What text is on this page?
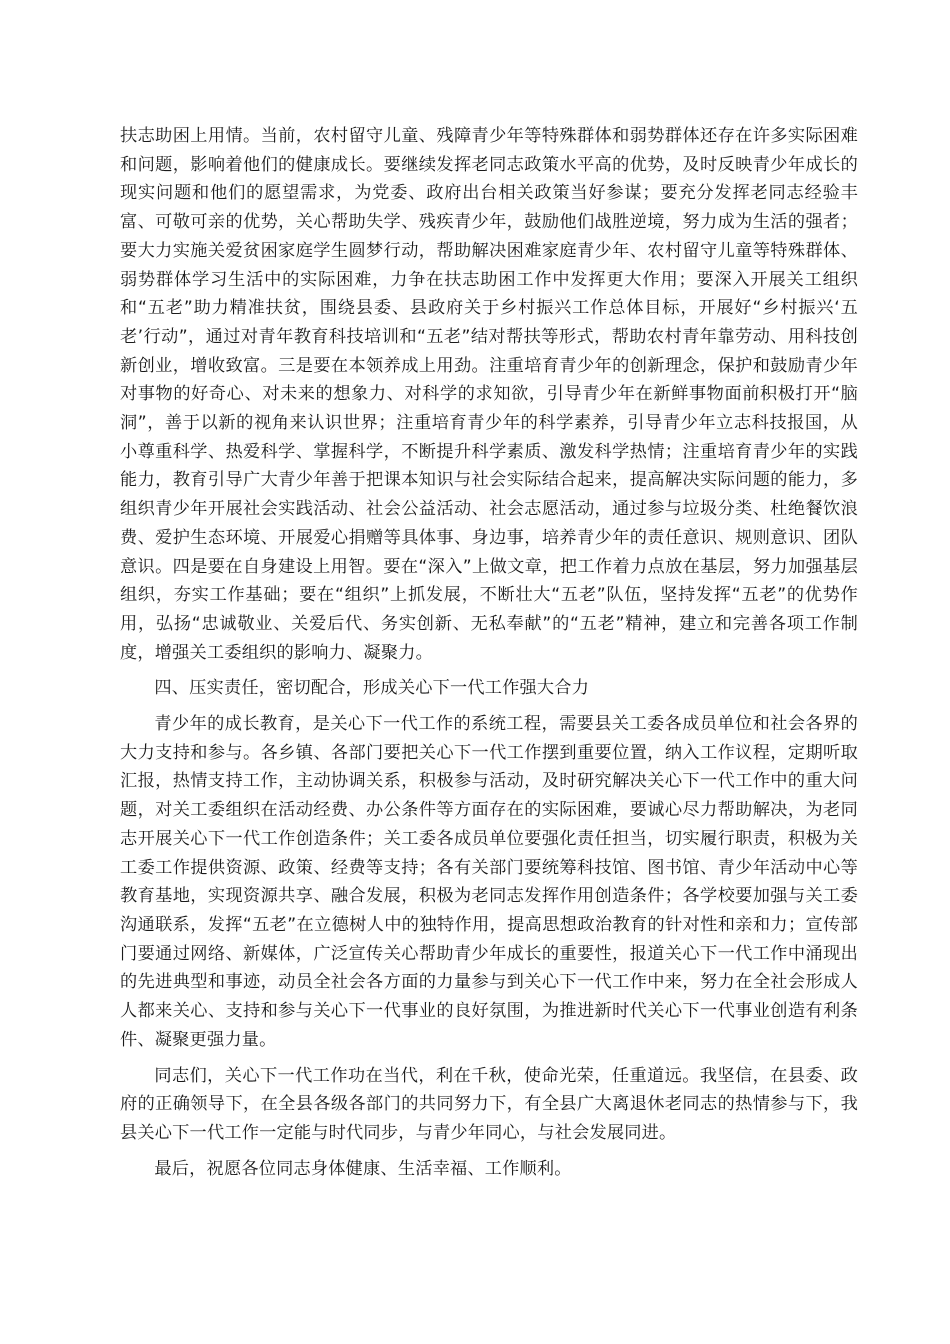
扶志助困上用情。当前，农村留守儿童、残障青少年等特殊群体和弱势群体还存在许多实际困难和问题，影响着他们的健康成长。要继续发挥老同志政策水平高的优势，及时反映青少年成长的现实问题和他们的愿望需求，为党委、政府出台相关政策当好参谋；要充分发挥老同志经验丰富、可敬可亲的优势，关心帮助失学、残疾青少年，鼓励他们战胜逆境，努力成为生活的强者；要大力实施关爱贫困家庭学生圆梦行动，帮助解决困难家庭青少年、农村留守儿童等特殊群体、弱势群体学习生活中的实际困难，力争在扶志助困工作中发挥更大作用；要深入开展关工组织和“五老”助力精准扶贫，围绕县委、县政府关于乡村振兴工作总体目标，开展好“乡村振兴‘五老’行动”，通过对青年教育科技培训和“五老”结对帮扶等形式，帮助农村青年靠劳动、用科技创新创业，增收致富。三是要在本领养成上用劲。注重培育青少年的创新理念，保护和鼓励青少年对事物的好奇心、对未来的想象力、对科学的求知欲，引导青少年在新鲜事物面前积极打开“脑洞”，善于以新的视角来认识世界；注重培育青少年的科学素养，引导青少年立志科技报国，从小尊重科学、热爱科学、掌握科学，不断提升科学素质、激发科学热情；注重培育青少年的实践能力，教育引导广大青少年善于把课本知识与社会实际结合起来，提高解决实际问题的能力，多组织青少年开展社会实践活动、社会公益活动、社会志愿活动，通过参与垃圾分类、杜绝餐饮浪费、爱护生态环境、开展爱心捐赠等具体事、身边事，培养青少年的责任意识、规则意识、团队意识。四是要在自身建设上用智。要在“深入”上做文章，把工作着力点放在基层，努力加强基层组织，夯实工作基础；要在“组织”上抓发展，不断壮大“五老”队伍，坚持发挥“五老”的优势作用，弘扬“忠诚敬业、关爱后代、务实创新、无私奉献”的“五老”精神，建立和完善各项工作制度，增强关工委组织的影响力、凝聚力。

四、压实责任，密切配合，形成关心下一代工作强大合力

青少年的成长教育，是关心下一代工作的系统工程，需要县关工委各成员单位和社会各界的大力支持和参与。各乡镇、各部门要把关心下一代工作摆到重要位置，纳入工作议程，定期听取汇报，热情支持工作，主动协调关系，积极参与活动，及时研究解决关心下一代工作中的重大问题，对关工委组织在活动经费、办公条件等方面存在的实际困难，要诚心尽力帮助解决，为老同志开展关心下一代工作创造条件；关工委各成员单位要强化责任担当，切实履行职责，积极为关工委工作提供资源、政策、经费等支持；各有关部门要统筹科技馆、图书馆、青少年活动中心等教育基地，实现资源共享、融合发展，积极为老同志发挥作用创造条件；各学校要加强与关工委沟通联系，发挥“五老”在立德树人中的独特作用，提高思想政治教育的针对性和亲和力；宣传部门要通过网络、新媒体，广泛宣传关心帮助青少年成长的重要性，报道关心下一代工作中涌现出的先进典型和事迹，动员全社会各方面的力量参与到关心下一代工作中来，努力在全社会形成人人都来关心、支持和参与关心下一代事业的良好氛围，为推进新时代关心下一代事业创造有利条件、凝聚更强力量。

同志们，关心下一代工作功在当代，利在千秋，使命光荣，任重道远。我坚信，在县委、政府的正确领导下，在全县各级各部门的共同努力下，有全县广大离退休老同志的热情参与下，我县关心下一代工作一定能与时代同步，与青少年同心，与社会发展同进。

最后，祝愿各位同志身体健康、生活幸福、工作顺利。
